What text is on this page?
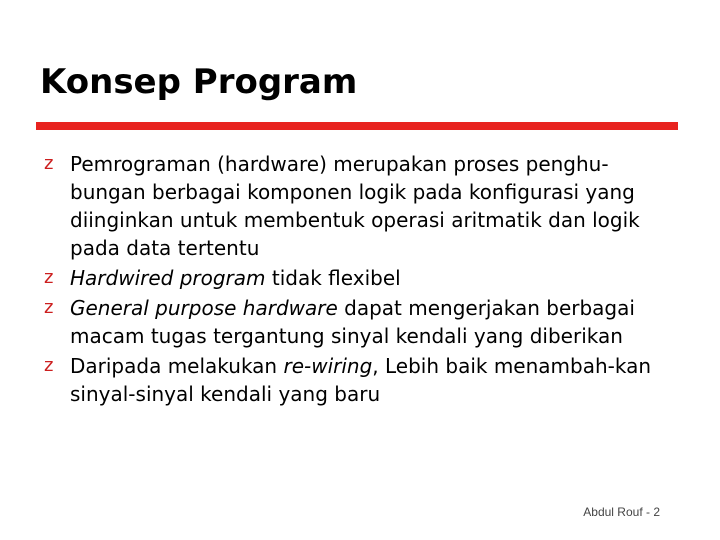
Konsep Program
z Pemrograman (hardware) merupakan proses penghu-bungan berbagai komponen logik pada konfigurasi yang diinginkan untuk membentuk operasi aritmatik dan logik pada data tertentu
z Hardwired program tidak flexibel
z General purpose hardware dapat mengerjakan berbagai macam tugas tergantung sinyal kendali yang diberikan
z Daripada melakukan re-wiring, Lebih baik menambah-kan sinyal-sinyal kendali yang baru
Abdul Rouf - 2
